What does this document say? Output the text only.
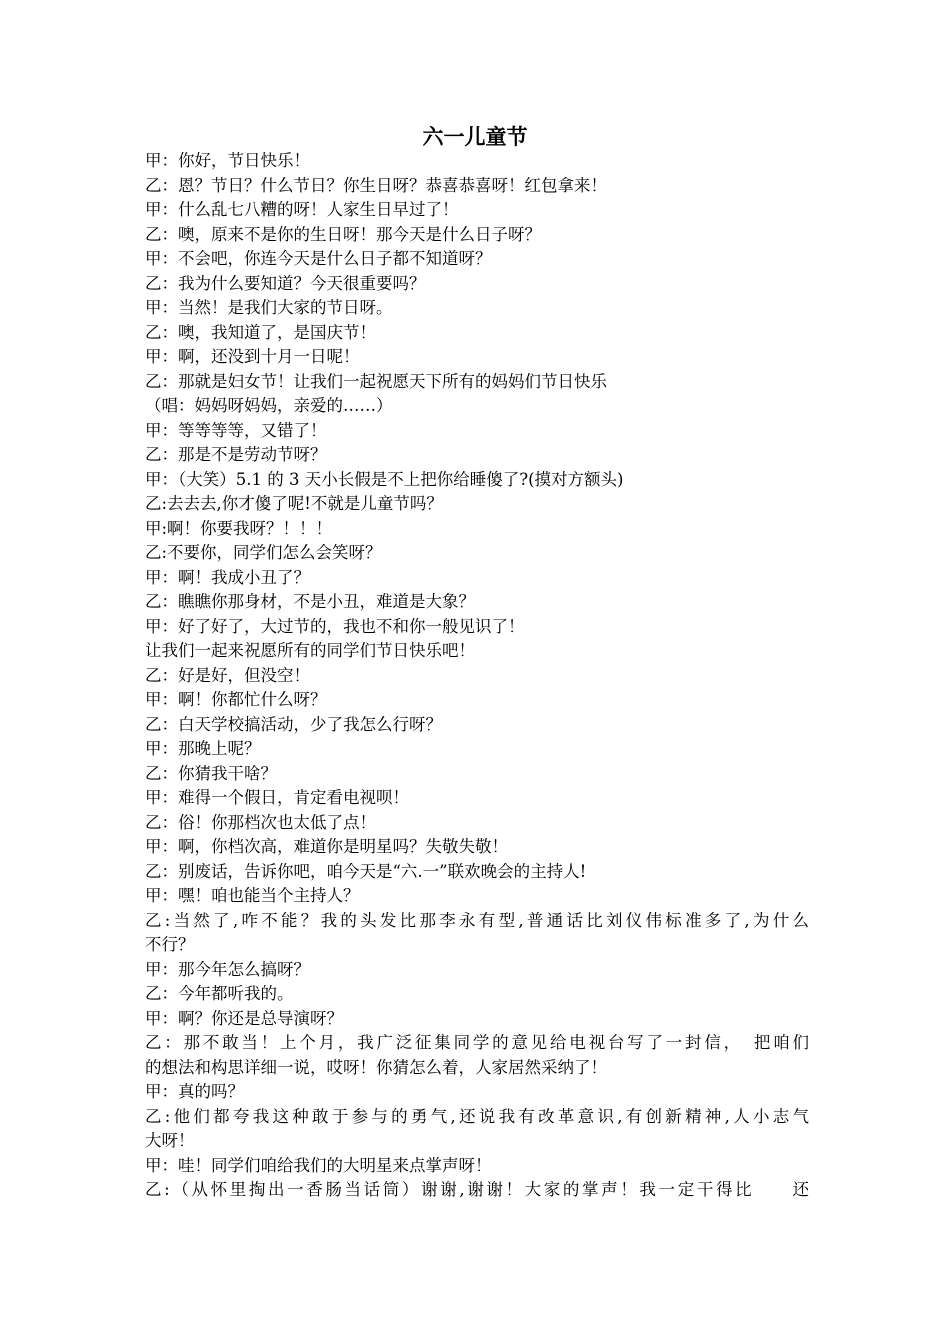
六一儿童节
甲：你好，节日快乐！
乙：恩？节日？什么节日？你生日呀？恭喜恭喜呀！红包拿来！
甲：什么乱七八糟的呀！人家生日早过了！
乙：噢，原来不是你的生日呀！那今天是什么日子呀？
甲：不会吧，你连今天是什么日子都不知道呀？
乙：我为什么要知道？今天很重要吗？
甲：当然！是我们大家的节日呀。
乙：噢，我知道了，是国庆节！
甲：啊，还没到十月一日呢！
乙：那就是妇女节！让我们一起祝愿天下所有的妈妈们节日快乐
（唱：妈妈呀妈妈，亲爱的……）
甲：等等等等，又错了！
乙：那是不是劳动节呀？
甲：（大笑）5.1 的 3 天小长假是不上把你给睡傻了?(摸对方额头)
乙:去去去,你才傻了呢!不就是儿童节吗？
甲:啊！你要我呀？！！！
乙:不要你，同学们怎么会笑呀？
甲：啊！我成小丑了？
乙：瞧瞧你那身材，不是小丑，难道是大象？
甲：好了好了，大过节的，我也不和你一般见识了！
让我们一起来祝愿所有的同学们节日快乐吧！
乙：好是好，但没空！
甲：啊！你都忙什么呀？
乙：白天学校搞活动，少了我怎么行呀？
甲：那晚上呢？
乙：你猜我干啥？
甲：难得一个假日，肯定看电视呗！
乙：俗！你那档次也太低了点！
甲：啊，你档次高，难道你是明星吗？失敬失敬！
乙：别废话，告诉你吧，咱今天是“六.一”联欢晚会的主持人!
甲：嘿！咱也能当个主持人？
乙:当然了,咋不能？我的头发比那李永有型,普通话比刘仪伟标准多了,为什么
不行？
甲：那今年怎么搞呀？
乙：今年都听我的。
甲：啊？你还是总导演呀？
乙：那不敢当！上个月，我广泛征集同学的意见给电视台写了一封信，　把咱们
的想法和构思详细一说，哎呀！你猜怎么着，人家居然采纳了！
甲：真的吗？
乙:他们都夸我这种敢于参与的勇气,还说我有改革意识,有创新精神,人小志气
大呀！
甲：哇！同学们咱给我们的大明星来点掌声呀！
乙:（从怀里掏出一香肠当话筒）谢谢,谢谢！大家的掌声！我一定干得比　　还
